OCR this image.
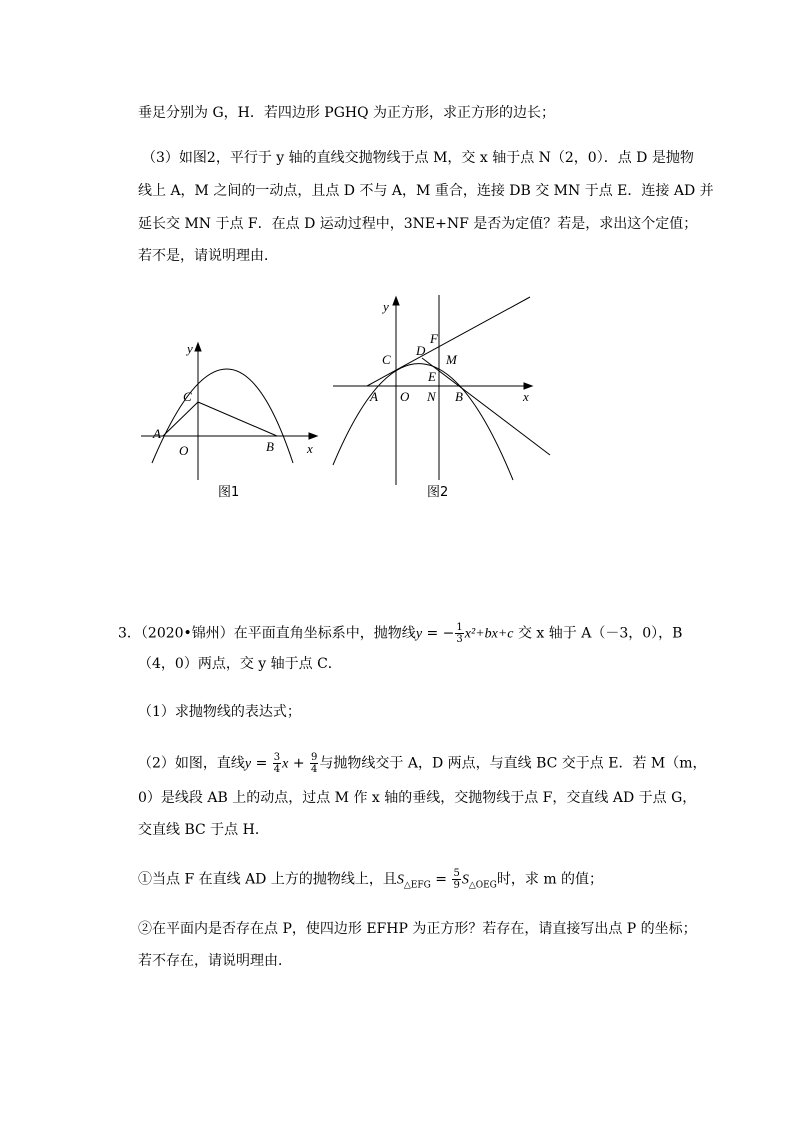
垂足分别为 G，H．若四边形 PGHQ 为正方形，求正方形的边长；
（3）如图2，平行于 y 轴的直线交抛物线于点 M，交 x 轴于点 N（2，0）．点 D 是抛物
线上 A，M 之间的一动点，且点 D 不与 A，M 重合，连接 DB 交 MN 于点 E．连接 AD 并
延长交 MN 于点 F．在点 D 运动过程中，3NE+NF 是否为定值？若是，求出这个定值；
若不是，请说明理由．
y
x
C
A
O	B
图1
y
x
F
D
C	M
E
A O N B
图2
3．（2020•锦州）在平面直角坐标系中，抛物线y = − $\frac{1}{3} x^2+bx+c$ 交 x 轴于 A（－3，0），B
（4，0）两点，交 y 轴于点 C．
（1）求抛物线的表达式；
（2）如图，直线$y = \frac{3}{4}$ $x + \frac{9}{4}$ 与抛物线交于 A，D 两点，与直线 BC 交于点 E．若 M（m，
0）是线段 AB 上的动点，过点 M 作 x 轴的垂线，交抛物线于点 F，交直线 AD 于点 G，
交直线 BC 于点 H．
①当点 F 在直线 AD 上方的抛物线上，且$S_{\triangle EFG} = \frac{5}{9} S_{\triangle OEG}$时，求 m 的值；
②在平面内是否存在点 P，使四边形 EFHP 为正方形？若存在，请直接写出点 P 的坐标；
若不存在，请说明理由．
